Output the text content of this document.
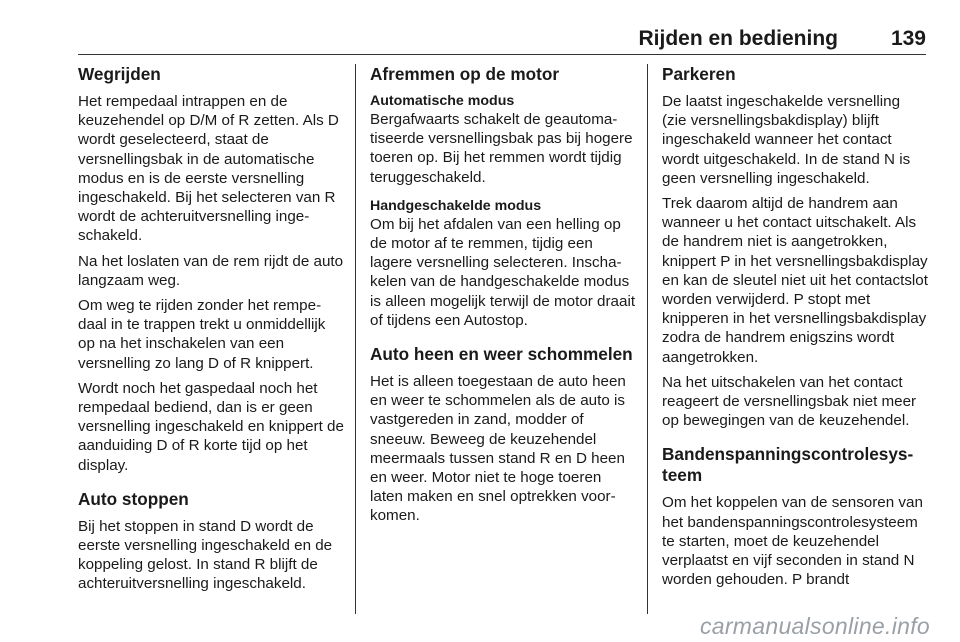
Rijden en bediening	139
Wegrijden

Het rempedaal intrappen en de keuzehendel op D/M of R zetten. Als D wordt geselecteerd, staat de versnellingsbak in de automatische modus en is de eerste versnelling ingeschakeld. Bij het selecteren van R wordt de achteruitversnelling ingeschakeld.

Na het loslaten van de rem rijdt de auto langzaam weg.

Om weg te rijden zonder het rempedaal in te trappen trekt u onmiddellijk op na het inschakelen van een versnelling zo lang D of R knippert.

Wordt noch het gaspedaal noch het rempedaal bediend, dan is er geen versnelling ingeschakeld en knippert de aanduiding D of R korte tijd op het display.

Auto stoppen

Bij het stoppen in stand D wordt de eerste versnelling ingeschakeld en de koppeling gelost. In stand R blijft de achteruitversnelling ingeschakeld.

Afremmen op de motor
Automatische modus

Bergafwaarts schakelt de geautomatiseerde versnellingsbak pas bij hogere toeren op. Bij het remmen wordt tijdig teruggeschakeld.

Handgeschakelde modus

Om bij het afdalen van een helling op de motor af te remmen, tijdig een lagere versnelling selecteren. Inschakelen van de handgeschakelde modus is alleen mogelijk terwijl de motor draait of tijdens een Autostop.

Auto heen en weer schommelen

Het is alleen toegestaan de auto heen en weer te schommelen als de auto is vastgereden in zand, modder of sneeuw. Beweeg de keuzehendel meermaals tussen stand R en D heen en weer. Motor niet te hoge toeren laten maken en snel optrekken voorkomen.

Parkeren

De laatst ingeschakelde versnelling (zie versnellingsbakdisplay) blijft ingeschakeld wanneer het contact wordt uitgeschakeld. In de stand N is geen versnelling ingeschakeld.

Trek daarom altijd de handrem aan wanneer u het contact uitschakelt. Als de handrem niet is aangetrokken, knippert P in het versnellingsbakdisplay en kan de sleutel niet uit het contactslot worden verwijderd. P stopt met knipperen in het versnellingsbakdisplay zodra de handrem enigszins wordt aangetrokken.

Na het uitschakelen van het contact reageert de versnellingsbak niet meer op bewegingen van de keuzehendel.

Bandenspanningscontrolesysteem

Om het koppelen van de sensoren van het bandenspanningscontrolesysteem te starten, moet de keuzehendel verplaatst en vijf seconden in stand N worden gehouden. P brandt

carmanualsonline.info
